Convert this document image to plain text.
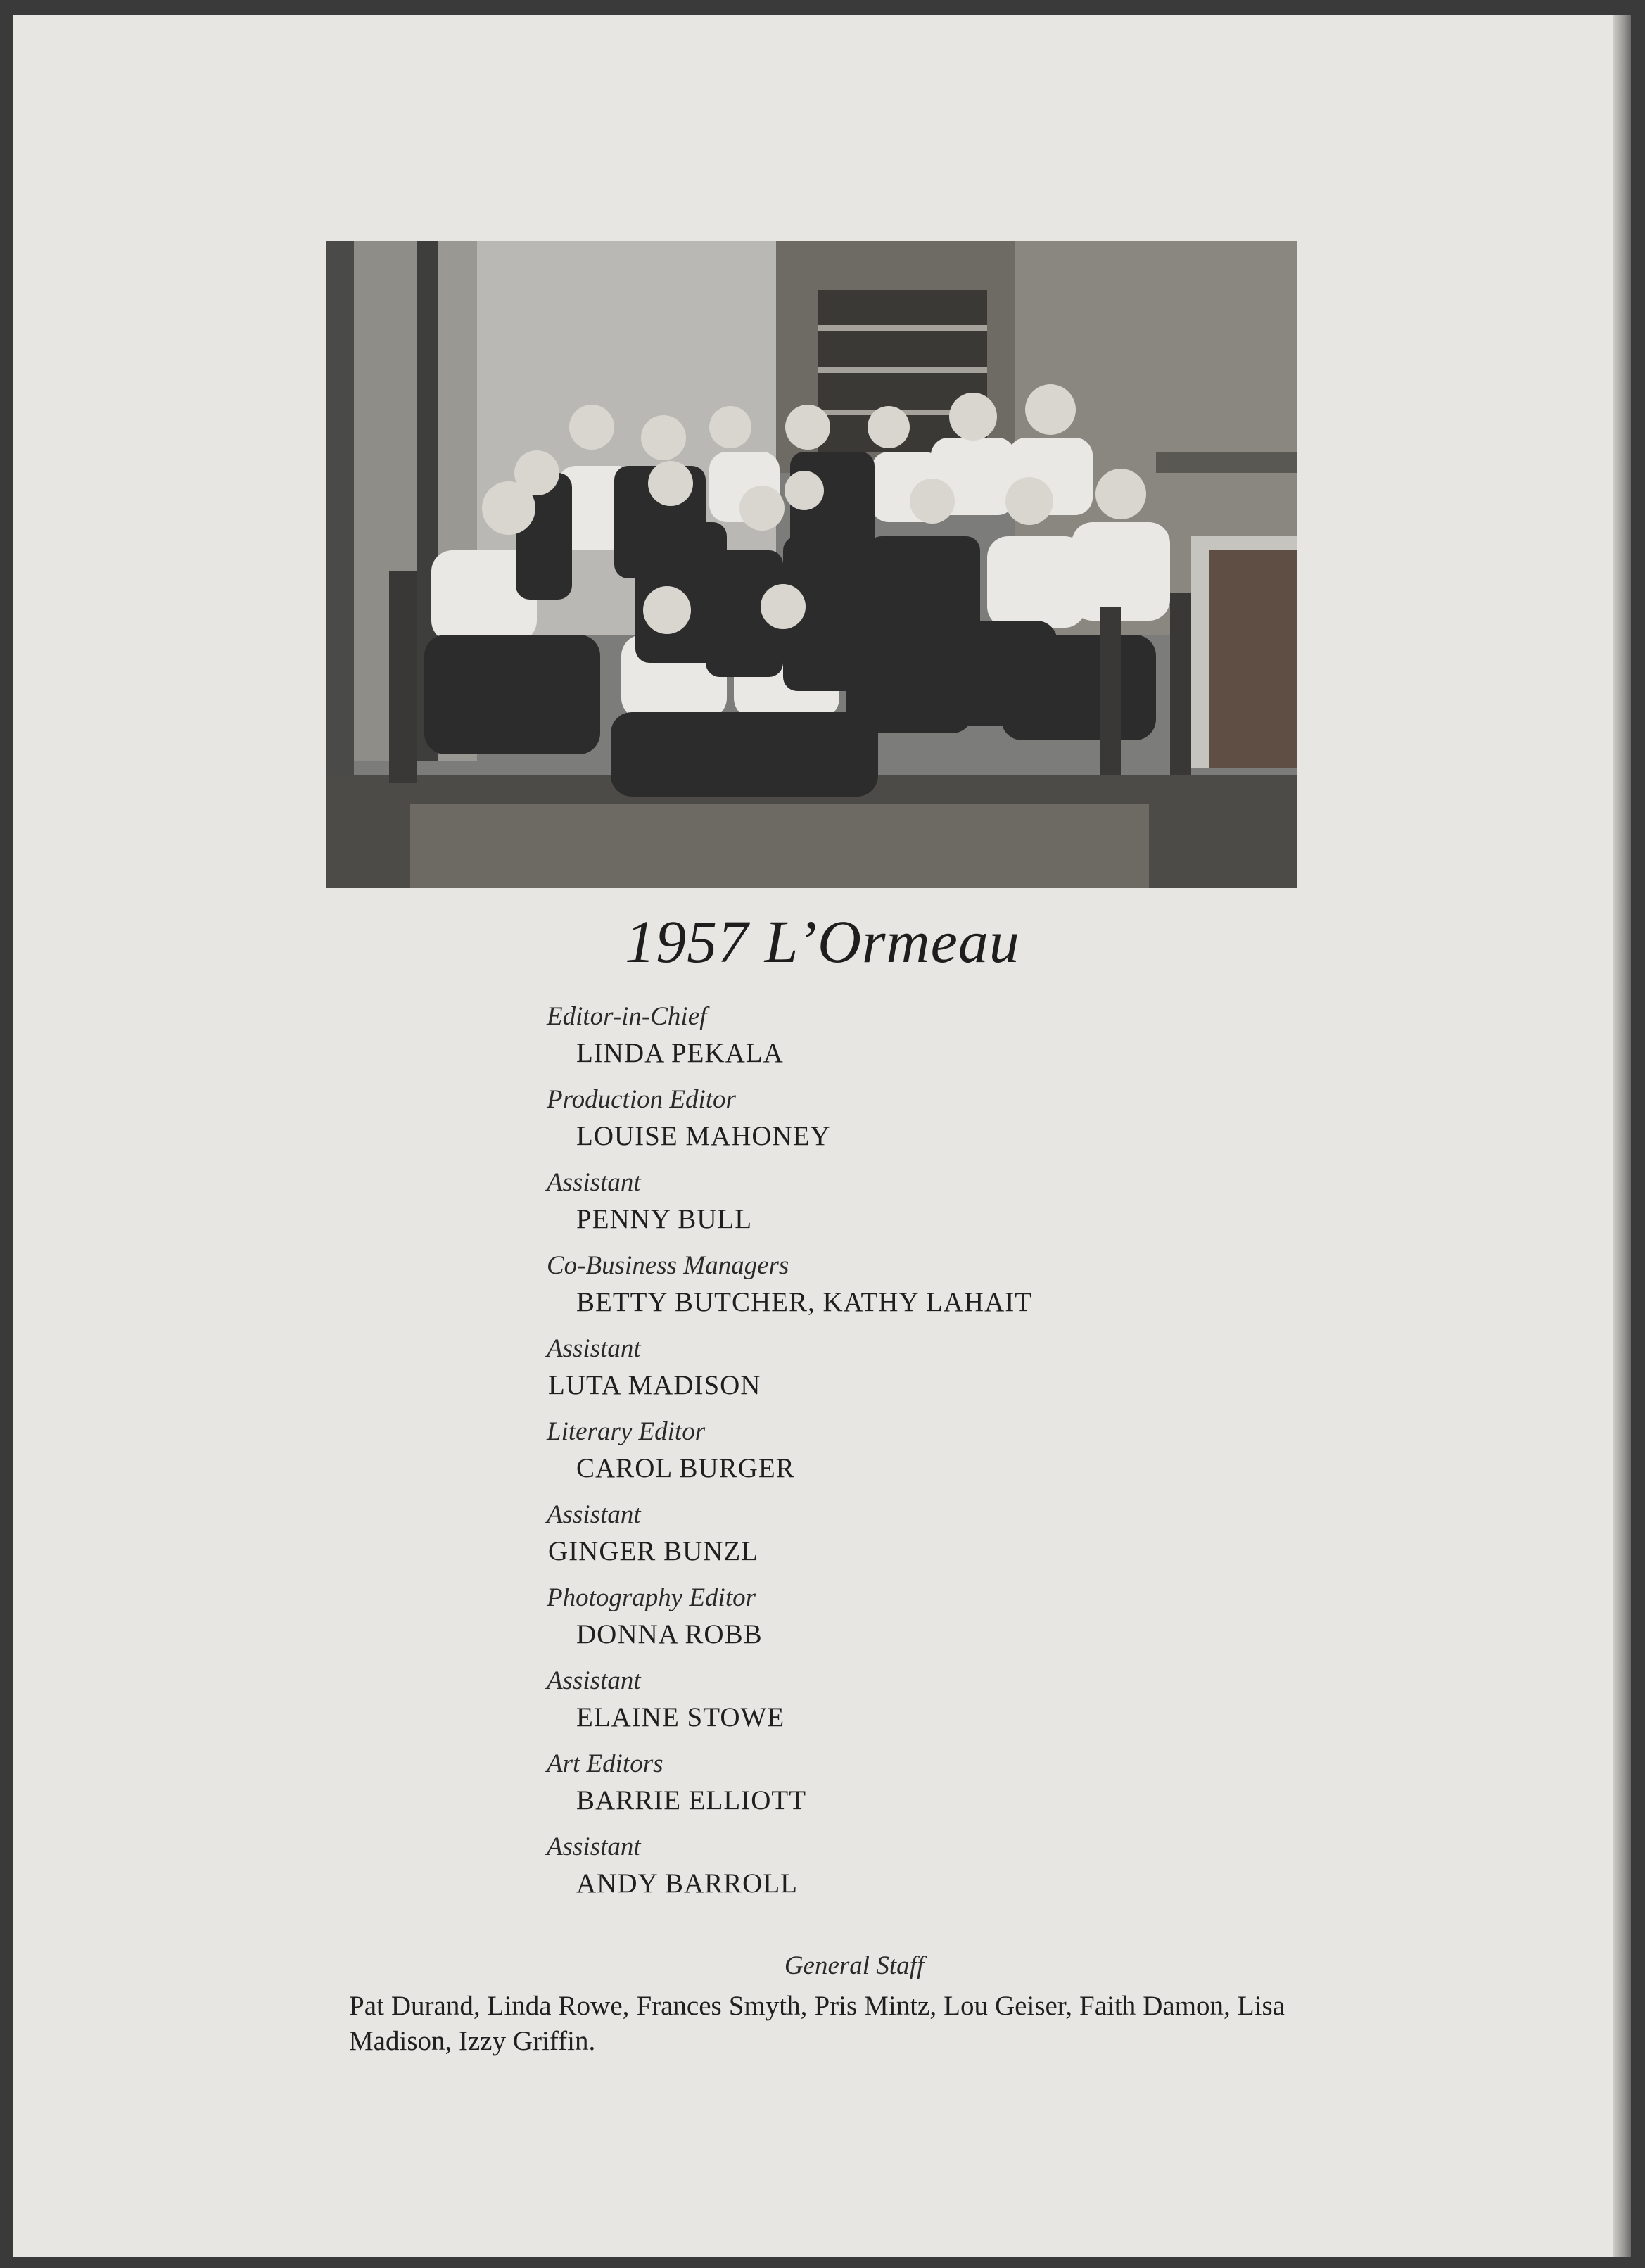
1957 L’Ormeau
Editor-in-Chief
LINDA PEKALA
Production Editor
LOUISE MAHONEY
Assistant
PENNY BULL
Co-Business Managers
BETTY BUTCHER, KATHY LAHAIT
Assistant
LUTA MADISON
Literary Editor
CAROL BURGER
Assistant
GINGER BUNZL
Photography Editor
DONNA ROBB
Assistant
ELAINE STOWE
Art Editors
BARRIE ELLIOTT
Assistant
ANDY BARROLL
General Staff
Pat Durand, Linda Rowe, Frances Smyth, Pris Mintz, Lou Geiser, Faith Damon, Lisa Madison, Izzy Griffin.
